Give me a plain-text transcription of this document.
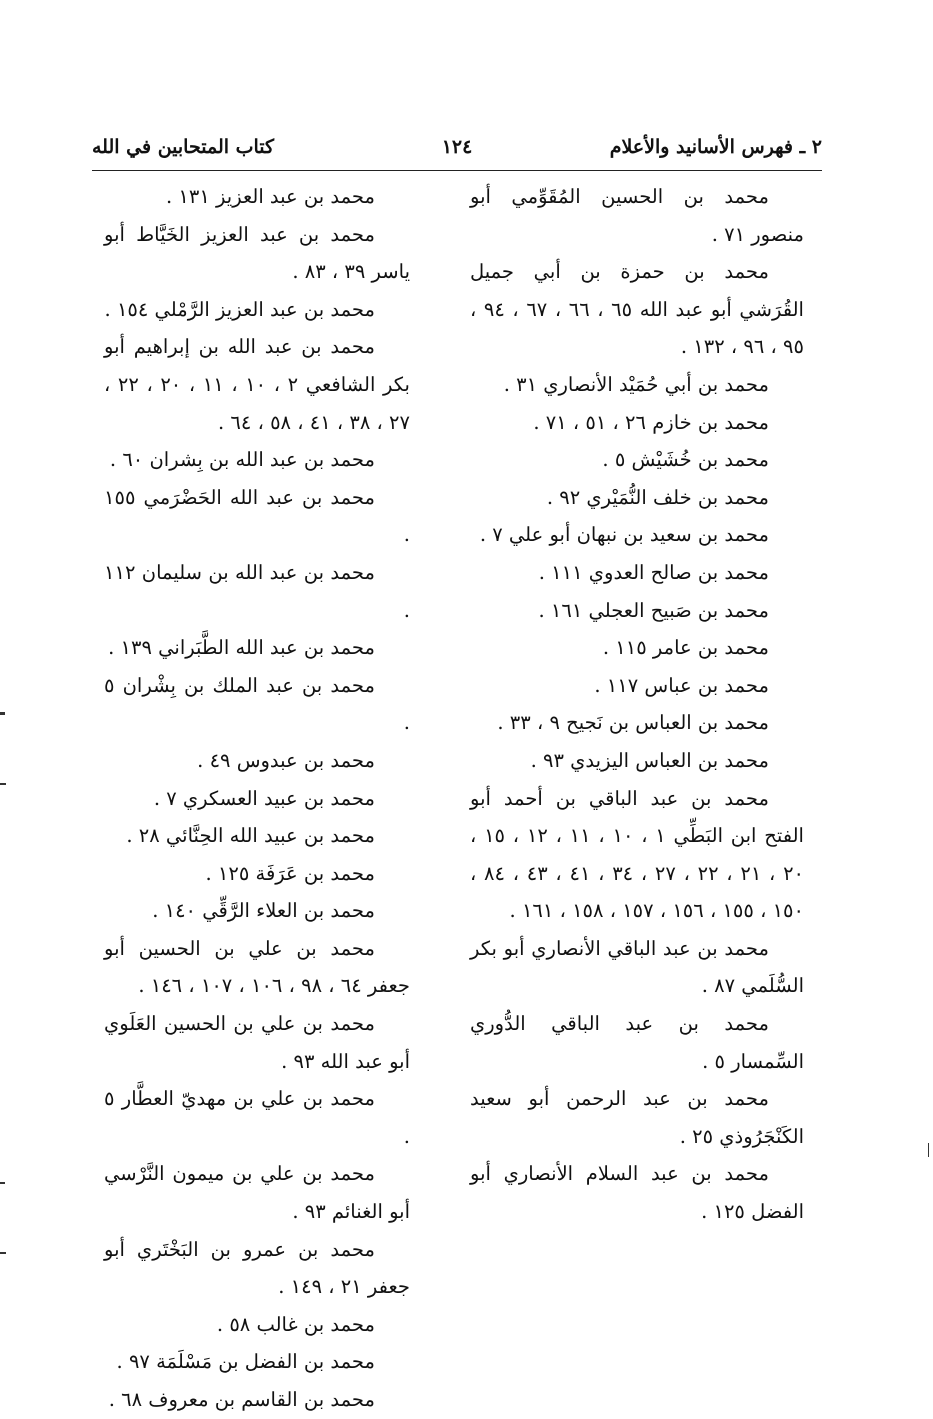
٢ ـ فهرس الأسانيد والأعلام
١٢٤
كتاب المتحابين في الله

محمد بن الحسين المُقَوِّمي أبو منصور ٧١ .

محمد بن حمزة بن أبي جميل القُرَشي أبو عبد الله ٦٥ ، ٦٦ ، ٦٧ ، ٩٤ ، ٩٥ ، ٩٦ ، ١٣٢ .

محمد بن أبي حُمَيْد الأنصاري ٣١ .

محمد بن خازم ٢٦ ، ٥١ ، ٧١ .

محمد بن خُشَيْش ٥ .

محمد بن خلف النُّمَيْري ٩٢ .

محمد بن سعيد بن نبهان أبو علي ٧ .

محمد بن صالح العدوي ١١١ .

محمد بن صَبيح العجلي ١٦١ .

محمد بن عامر ١١٥ .

محمد بن عباس ١١٧ .

محمد بن العباس بن نَجيح ٩ ، ٣٣ .

محمد بن العباس اليزيدي ٩٣ .

محمد بن عبد الباقي بن أحمد أبو الفتح ابن البَطِّي ١ ، ١٠ ، ١١ ، ١٢ ، ١٥ ، ٢٠ ، ٢١ ، ٢٢ ، ٢٧ ، ٣٤ ، ٤١ ، ٤٣ ، ٨٤ ، ١٥٠ ، ١٥٥ ، ١٥٦ ، ١٥٧ ، ١٥٨ ، ١٦١ .

محمد بن عبد الباقي الأنصاري أبو بكر السُّلَمي ٨٧ .

محمد بن عبد الباقي الدُّوري السِّمسار ٥ .

محمد بن عبد الرحمن أبو سعيد الكَنْجَرُوذي ٢٥ .

محمد بن عبد السلام الأنصاري أبو الفضل ١٢٥ .

محمد بن عبد العزيز ١٣١ .

محمد بن عبد العزيز الخَيَّاط أبو ياسر ٣٩ ، ٨٣ .

محمد بن عبد العزيز الرَّمْلي ١٥٤ .

محمد بن عبد الله بن إبراهيم أبو بكر الشافعي ٢ ، ١٠ ، ١١ ، ٢٠ ، ٢٢ ، ٢٧ ، ٣٨ ، ٤١ ، ٥٨ ، ٦٤ .

محمد بن عبد الله بن بِشران ٦٠ .

محمد بن عبد الله الحَضْرَمي ١٥٥ .

محمد بن عبد الله بن سليمان ١١٢ .

محمد بن عبد الله الطَّبَراني ١٣٩ .

محمد بن عبد الملك بن بِشْران ٥ .

محمد بن عبدوس ٤٩ .

محمد بن عبيد العسكري ٧ .

محمد بن عبيد الله الحِنَّائي ٢٨ .

محمد بن عَرَفَة ١٢٥ .

محمد بن العلاء الرَّقِّي ١٤٠ .

محمد بن علي بن الحسين أبو جعفر ٦٤ ، ٩٨ ، ١٠٦ ، ١٠٧ ، ١٤٦ .

محمد بن علي بن الحسين العَلَوي أبو عبد الله ٩٣ .

محمد بن علي بن مهديّ العطَّار ٥ .

محمد بن علي بن ميمون النَّرْسي أبو الغنائم ٩٣ .

محمد بن عمرو بن البَخْتَري أبو جعفر ٢١ ، ١٤٩ .

محمد بن غالب ٥٨ .

محمد بن الفضل بن مَسْلَمَة ٩٧ .

محمد بن القاسم بن معروف ٦٨ .
